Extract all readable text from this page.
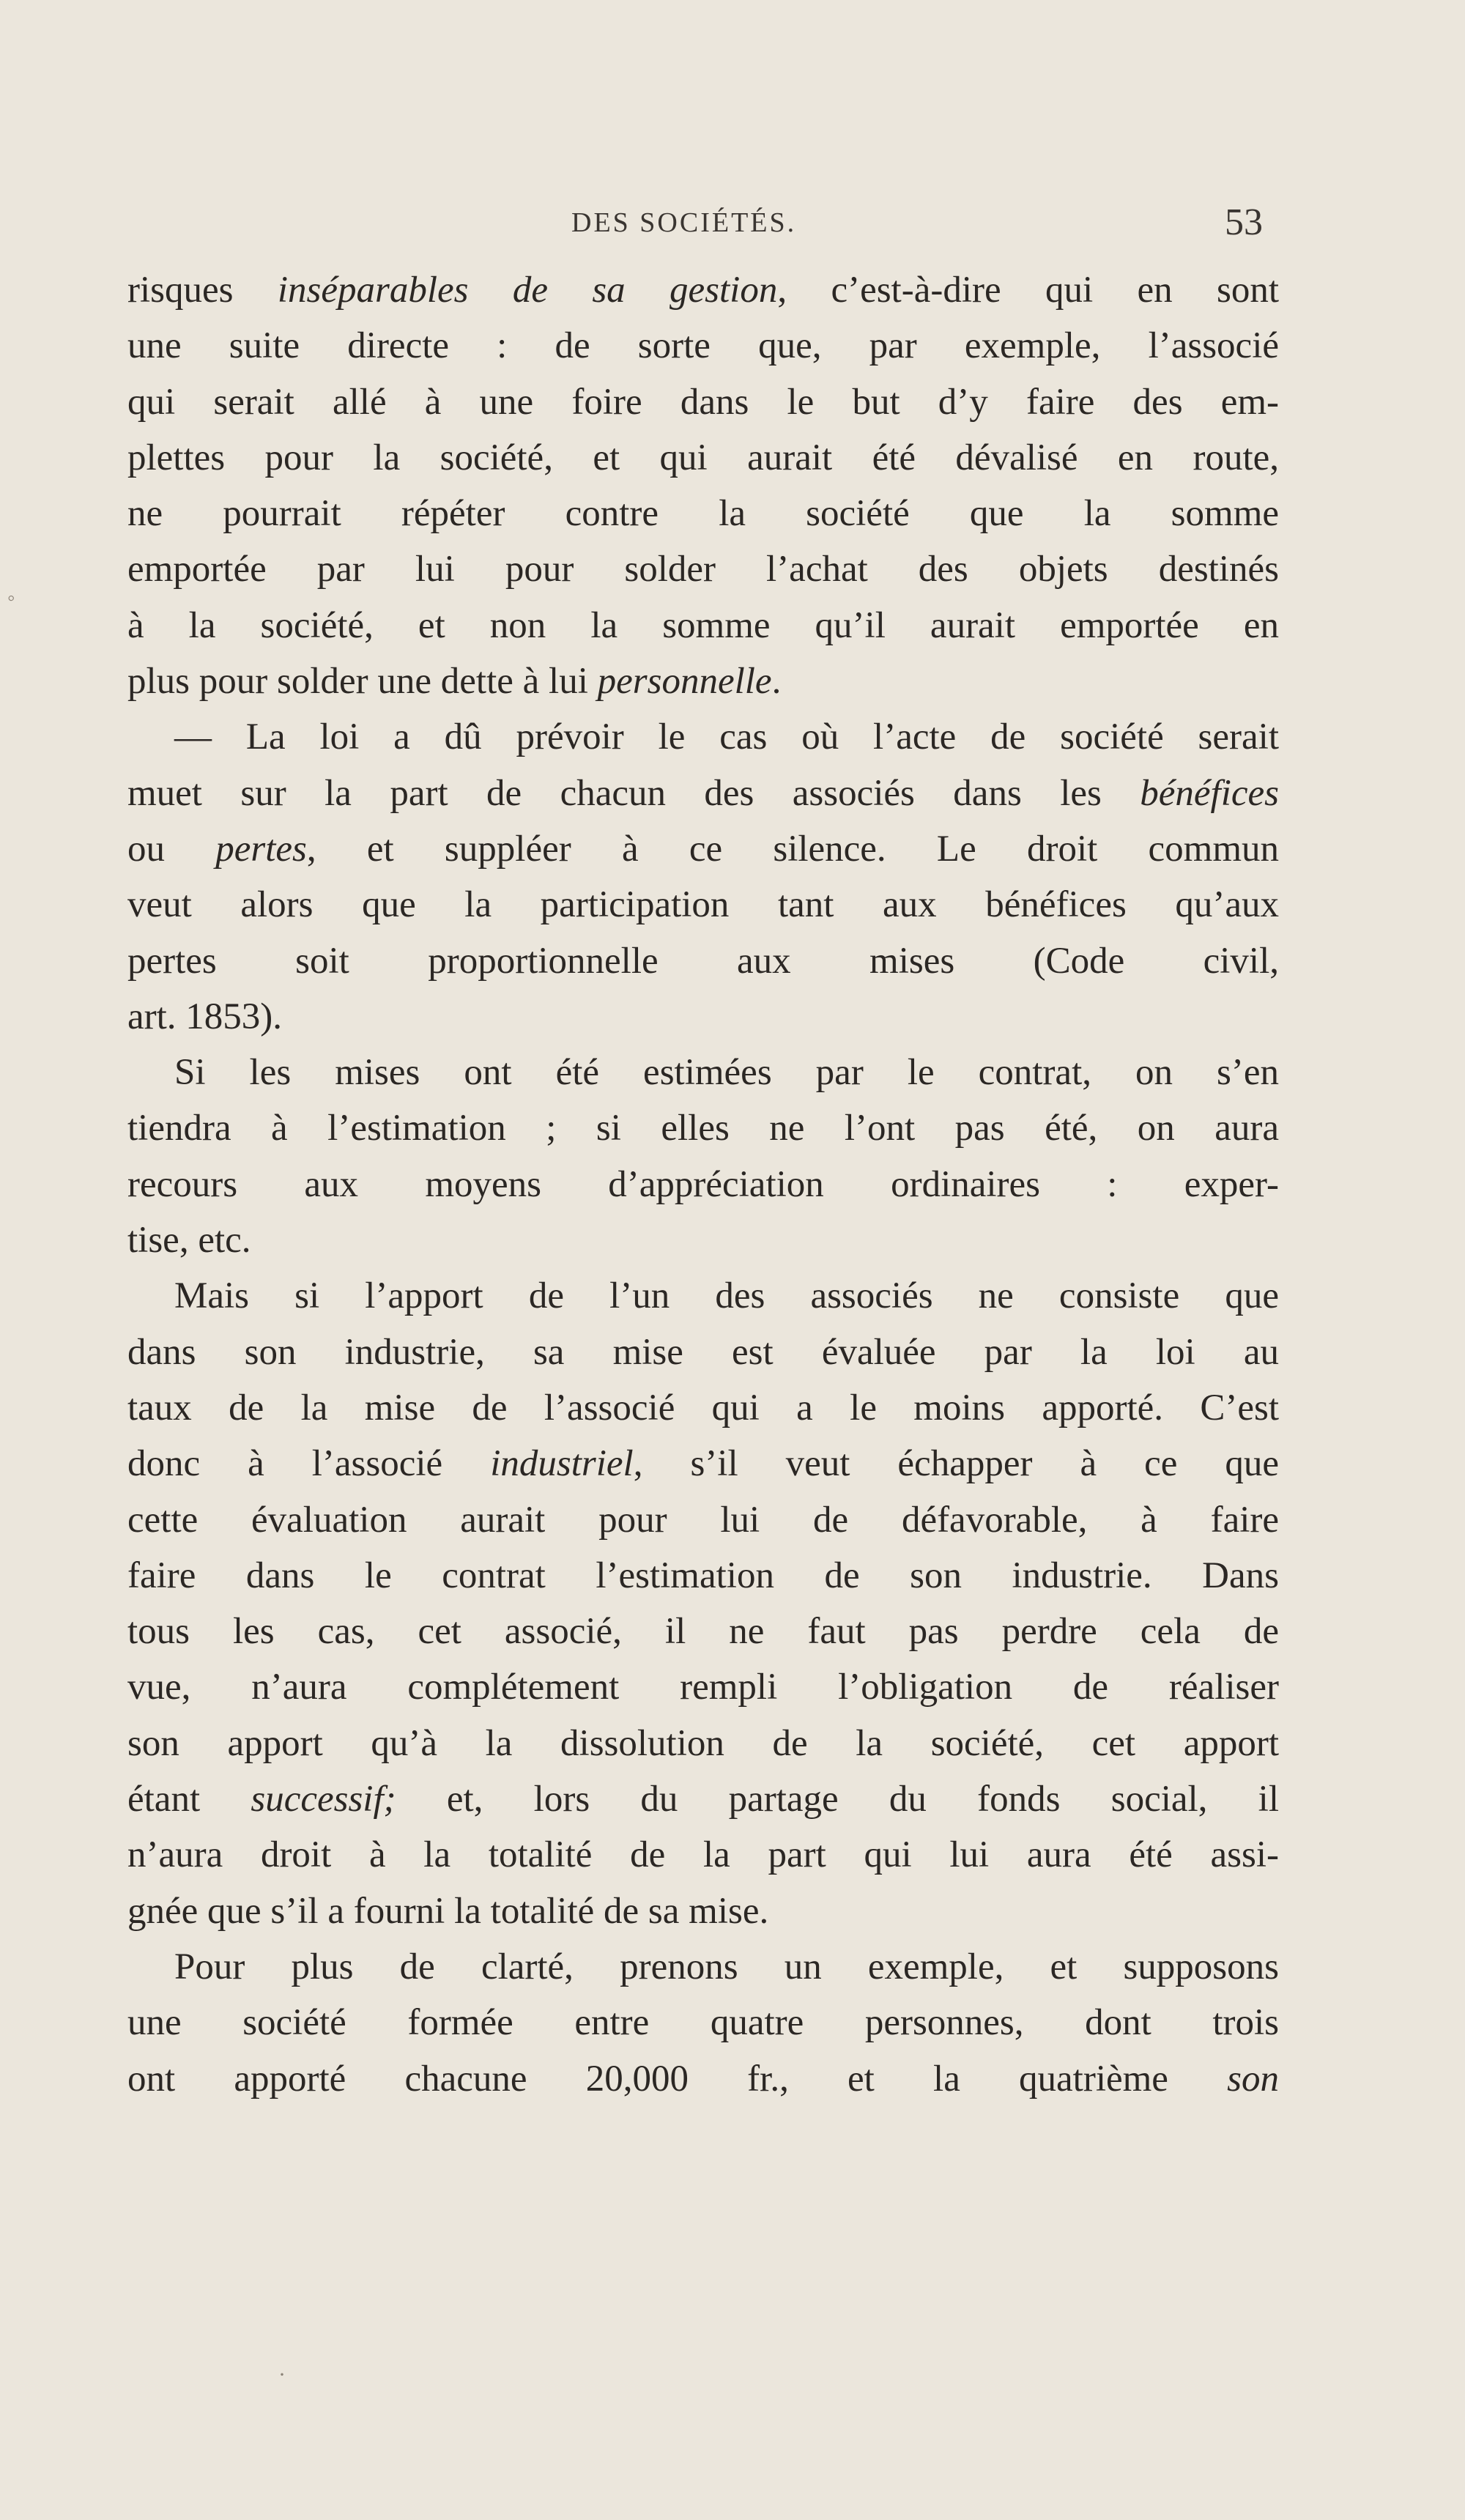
DES SOCIÉTÉS.	53
risques inséparables de sa gestion, c’est-à-dire qui en sont
une suite directe : de sorte que, par exemple, l’associé
qui serait allé à une foire dans le but d’y faire des em-
plettes pour la société, et qui aurait été dévalisé en route,
ne pourrait répéter contre la société que la somme
emportée par lui pour solder l’achat des objets destinés
à la société, et non la somme qu’il aurait emportée en
plus pour solder une dette à lui personnelle.
— La loi a dû prévoir le cas où l’acte de société serait
muet sur la part de chacun des associés dans les bénéfices
ou pertes, et suppléer à ce silence. Le droit commun
veut alors que la participation tant aux bénéfices qu’aux
pertes soit proportionnelle aux mises (Code civil,
art. 1853).
Si les mises ont été estimées par le contrat, on s’en
tiendra à l’estimation ; si elles ne l’ont pas été, on aura
recours aux moyens d’appréciation ordinaires : exper-
tise, etc.
Mais si l’apport de l’un des associés ne consiste que
dans son industrie, sa mise est évaluée par la loi au
taux de la mise de l’associé qui a le moins apporté. C’est
donc à l’associé industriel, s’il veut échapper à ce que
cette évaluation aurait pour lui de défavorable, à faire
faire dans le contrat l’estimation de son industrie. Dans
tous les cas, cet associé, il ne faut pas perdre cela de
vue, n’aura complétement rempli l’obligation de réaliser
son apport qu’à la dissolution de la société, cet apport
étant successif; et, lors du partage du fonds social, il
n’aura droit à la totalité de la part qui lui aura été assi-
gnée que s’il a fourni la totalité de sa mise.
Pour plus de clarté, prenons un exemple, et supposons
une société formée entre quatre personnes, dont trois
ont apporté chacune 20,000 fr., et la quatrième son
◦
·
